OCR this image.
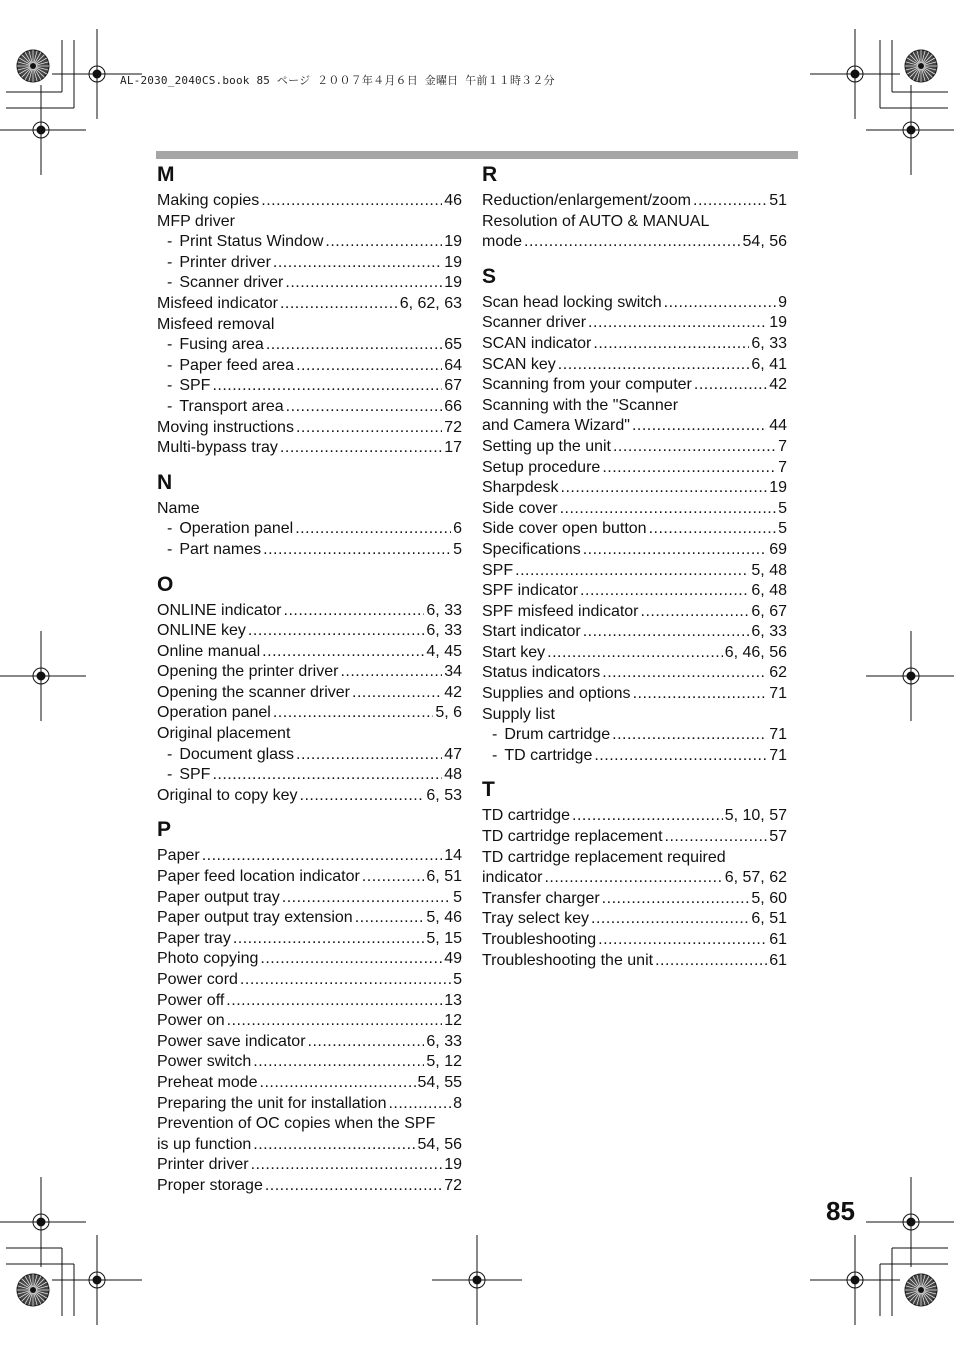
AL-2030_2040CS.book 85 ページ ２００７年４月６日 金曜日 午前１１時３２分
M
Making copies .....	46
MFP driver
- Print Status Window .....	19
- Printer driver .....	19
- Scanner driver .....	19
Misfeed indicator .....	6, 62, 63
Misfeed removal
- Fusing area .....	65
- Paper feed area .....	64
- SPF .....	67
- Transport area .....	66
Moving instructions .....	72
Multi-bypass tray .....	17
N
Name
- Operation panel .....	6
- Part names .....	5
O
ONLINE indicator .....	6, 33
ONLINE key .....	6, 33
Online manual .....	4, 45
Opening the printer driver .....	34
Opening the scanner driver .....	42
Operation panel .....	5, 6
Original placement
- Document glass .....	47
- SPF .....	48
Original to copy key .....	6, 53
P
Paper .....	14
Paper feed location indicator .....	6, 51
Paper output tray .....	5
Paper output tray extension .....	5, 46
Paper tray .....	5, 15
Photo copying .....	49
Power cord .....	5
Power off .....	13
Power on .....	12
Power save indicator .....	6, 33
Power switch .....	5, 12
Preheat mode .....	54, 55
Preparing the unit for installation .....	8
Prevention of OC copies when the SPF
is up function .....	54, 56
Printer driver .....	19
Proper storage .....	72
R
Reduction/enlargement/zoom .....	51
Resolution of AUTO & MANUAL
mode .....	54, 56
S
Scan head locking switch .....	9
Scanner driver .....	19
SCAN indicator .....	6, 33
SCAN key .....	6, 41
Scanning from your computer .....	42
Scanning with the "Scanner
and Camera Wizard" .....	44
Setting up the unit .....	7
Setup procedure .....	7
Sharpdesk .....	19
Side cover .....	5
Side cover open button .....	5
Specifications .....	69
SPF .....	5, 48
SPF indicator .....	6, 48
SPF misfeed indicator .....	6, 67
Start indicator .....	6, 33
Start key .....	6, 46, 56
Status indicators .....	62
Supplies and options .....	71
Supply list
- Drum cartridge .....	71
- TD cartridge .....	71
T
TD cartridge .....	5, 10, 57
TD cartridge replacement .....	57
TD cartridge replacement required
indicator .....	6, 57, 62
Transfer charger .....	5, 60
Tray select key .....	6, 51
Troubleshooting .....	61
Troubleshooting the unit .....	61
85
